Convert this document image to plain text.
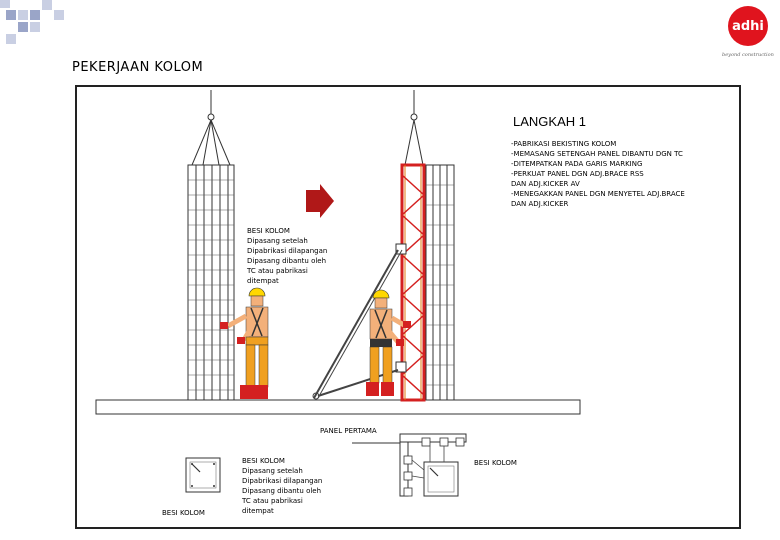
adhi
beyond construction
PEKERJAAN KOLOM
LANGKAH 1
-PABRIKASI BEKISTING KOLOM
-MEMASANG SETENGAH PANEL DIBANTU DGN TC
-DITEMPATKAN PADA GARIS MARKING
-PERKUAT PANEL DGN ADJ.BRACE RSS
DAN ADJ.KICKER AV
-MENEGAKKAN PANEL DGN MENYETEL ADJ.BRACE
DAN ADJ.KICKER
BESI KOLOM
Dipasang setelah
Dipabrikasi dilapangan
Dipasang dibantu oleh
TC atau pabrikasi
ditempat
BESI KOLOM
Dipasang setelah
Dipabrikasi dilapangan
Dipasang dibantu oleh
TC atau pabrikasi
ditempat
PANEL PERTAMA
BESI KOLOM
BESI KOLOM
